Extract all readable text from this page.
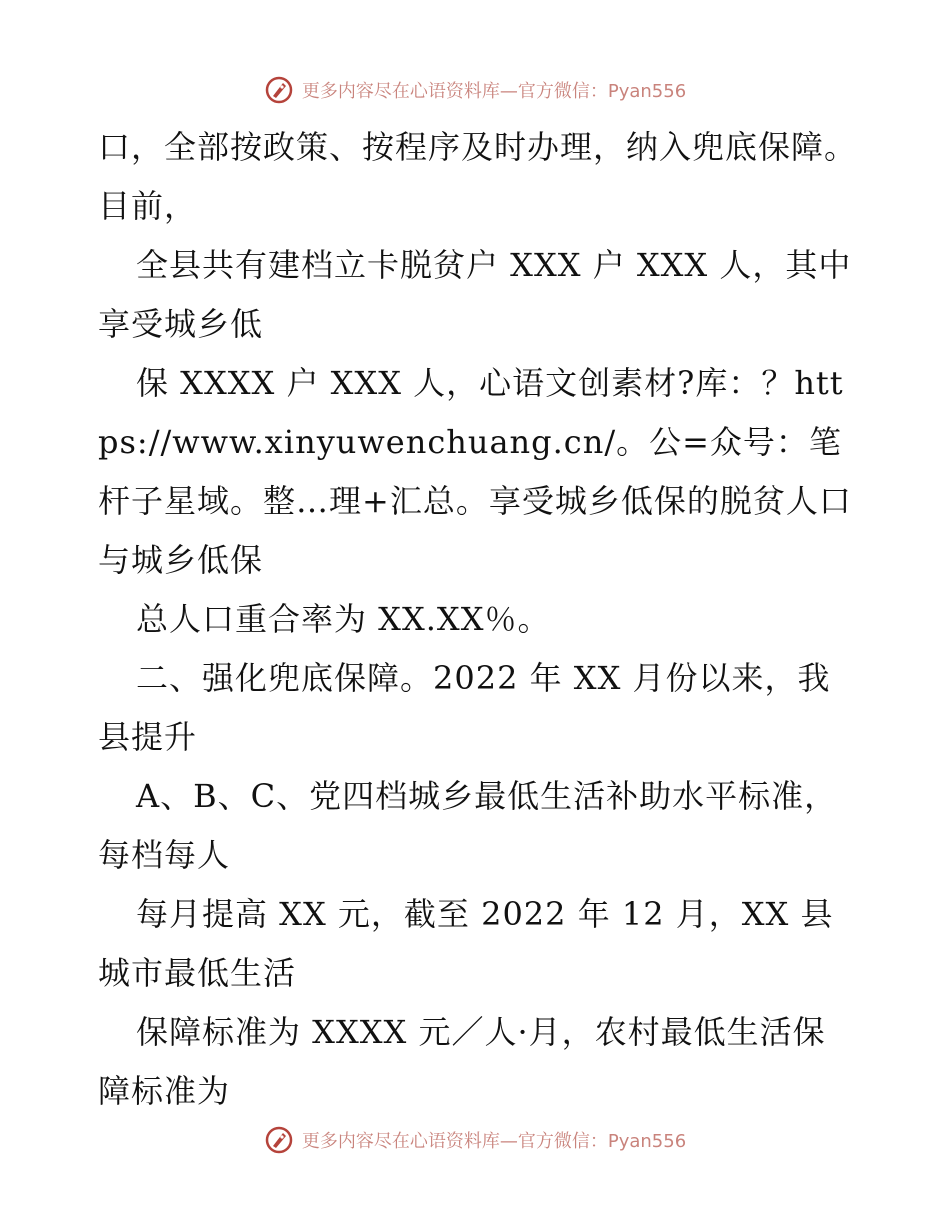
更多内容尽在心语资料库—官方微信：Pyan556

口，全部按政策、按程序及时办理，纳入兜底保障。目前，

全县共有建档立卡脱贫户 XXX 户 XXX 人，其中享受城乡低

保 XXXX 户 XXX 人，心语文创素材?库：？https://www.xinyuwenchuang.cn/。公=众号：笔杆子星域。整…理+汇总。享受城乡低保的脱贫人口与城乡低保

总人口重合率为 XX.XX％。

二、强化兜底保障。2022 年 XX 月份以来，我县提升

A、B、C、党四档城乡最低生活补助水平标准，每档每人

每月提高 XX 元，截至 2022 年 12 月，XX 县城市最低生活

保障标准为 XXXX 元／人·月，农村最低生活保障标准为

更多内容尽在心语资料库—官方微信：Pyan556
